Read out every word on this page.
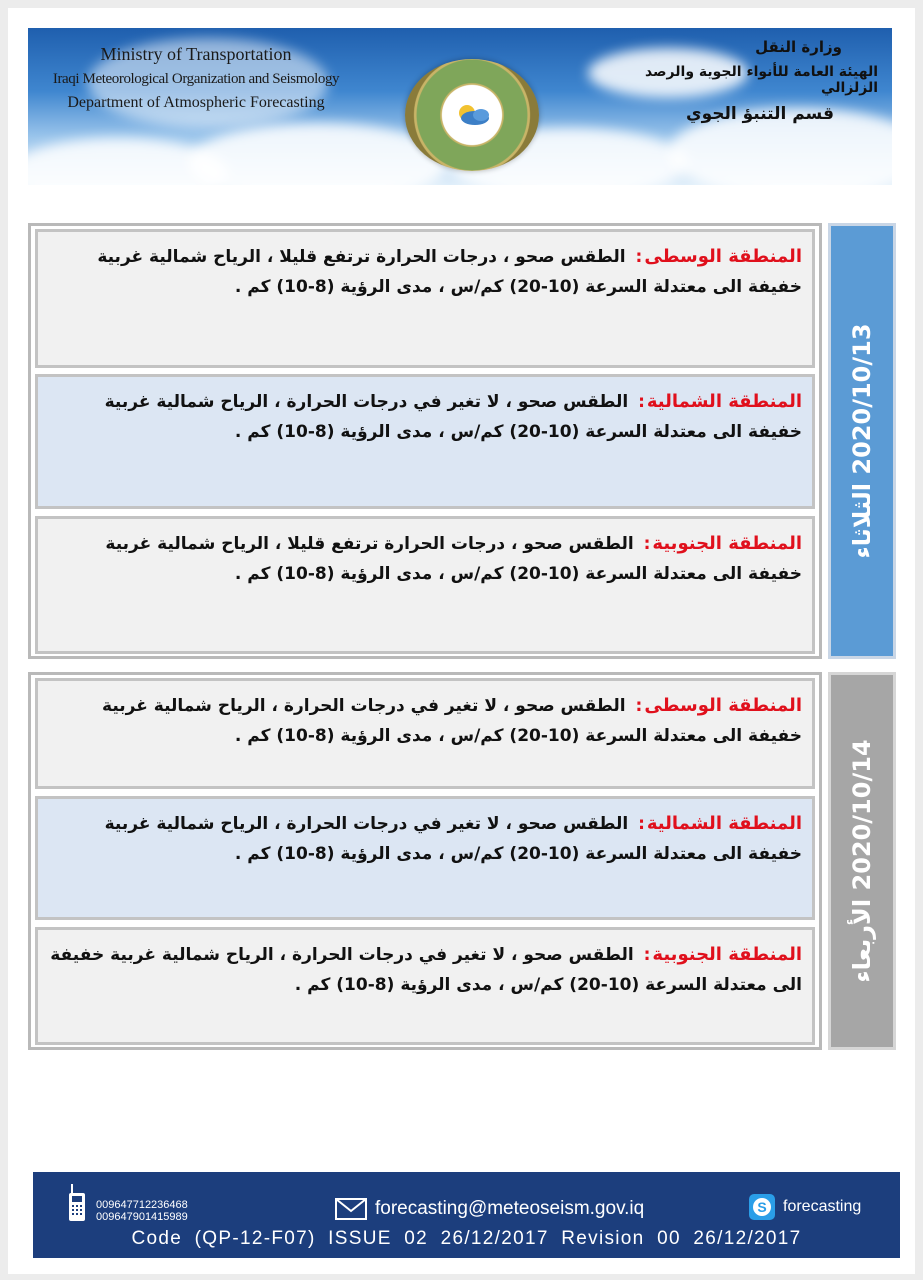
Ministry of Transportation
Iraqi Meteorological Organization and Seismology
Department of Atmospheric Forecasting
وزارة النقل
الهيئة العامة للأنواء الجوية والرصد الزلزالي
قسم التنبؤ الجوي
المنطقة الوسطى: الطقس صحو ، درجات الحرارة ترتفع قليلا ، الرياح شمالية غربية خفيفة الى معتدلة السرعة (10-20) كم/س ، مدى الرؤية (8-10) كم .
المنطقة الشمالية: الطقس صحو ، لا تغير في درجات الحرارة ، الرياح شمالية غربية خفيفة الى معتدلة السرعة (10-20) كم/س ، مدى الرؤية (8-10) كم .
المنطقة الجنوبية: الطقس صحو ، درجات الحرارة ترتفع قليلا ، الرياح شمالية غربية خفيفة الى معتدلة السرعة (10-20) كم/س ، مدى الرؤية (8-10) كم .
2020/10/13 الثلاثاء
المنطقة الوسطى: الطقس صحو ، لا تغير في درجات الحرارة ، الرياح شمالية غربية خفيفة الى معتدلة السرعة (10-20) كم/س ، مدى الرؤية (8-10) كم .
المنطقة الشمالية: الطقس صحو ، لا تغير في درجات الحرارة ، الرياح شمالية غربية خفيفة الى معتدلة السرعة (10-20) كم/س ، مدى الرؤية (8-10) كم .
المنطقة الجنوبية: الطقس صحو ، لا تغير في درجات الحرارة ، الرياح شمالية غربية خفيفة الى معتدلة السرعة (10-20) كم/س ، مدى الرؤية (8-10) كم .
2020/10/14 الأربعاء
009647712236468
009647901415989	forecasting@meteoseism.gov.iq	S forecasting
Code (QP-12-F07) ISSUE 02 26/12/2017 Revision 00 26/12/2017
